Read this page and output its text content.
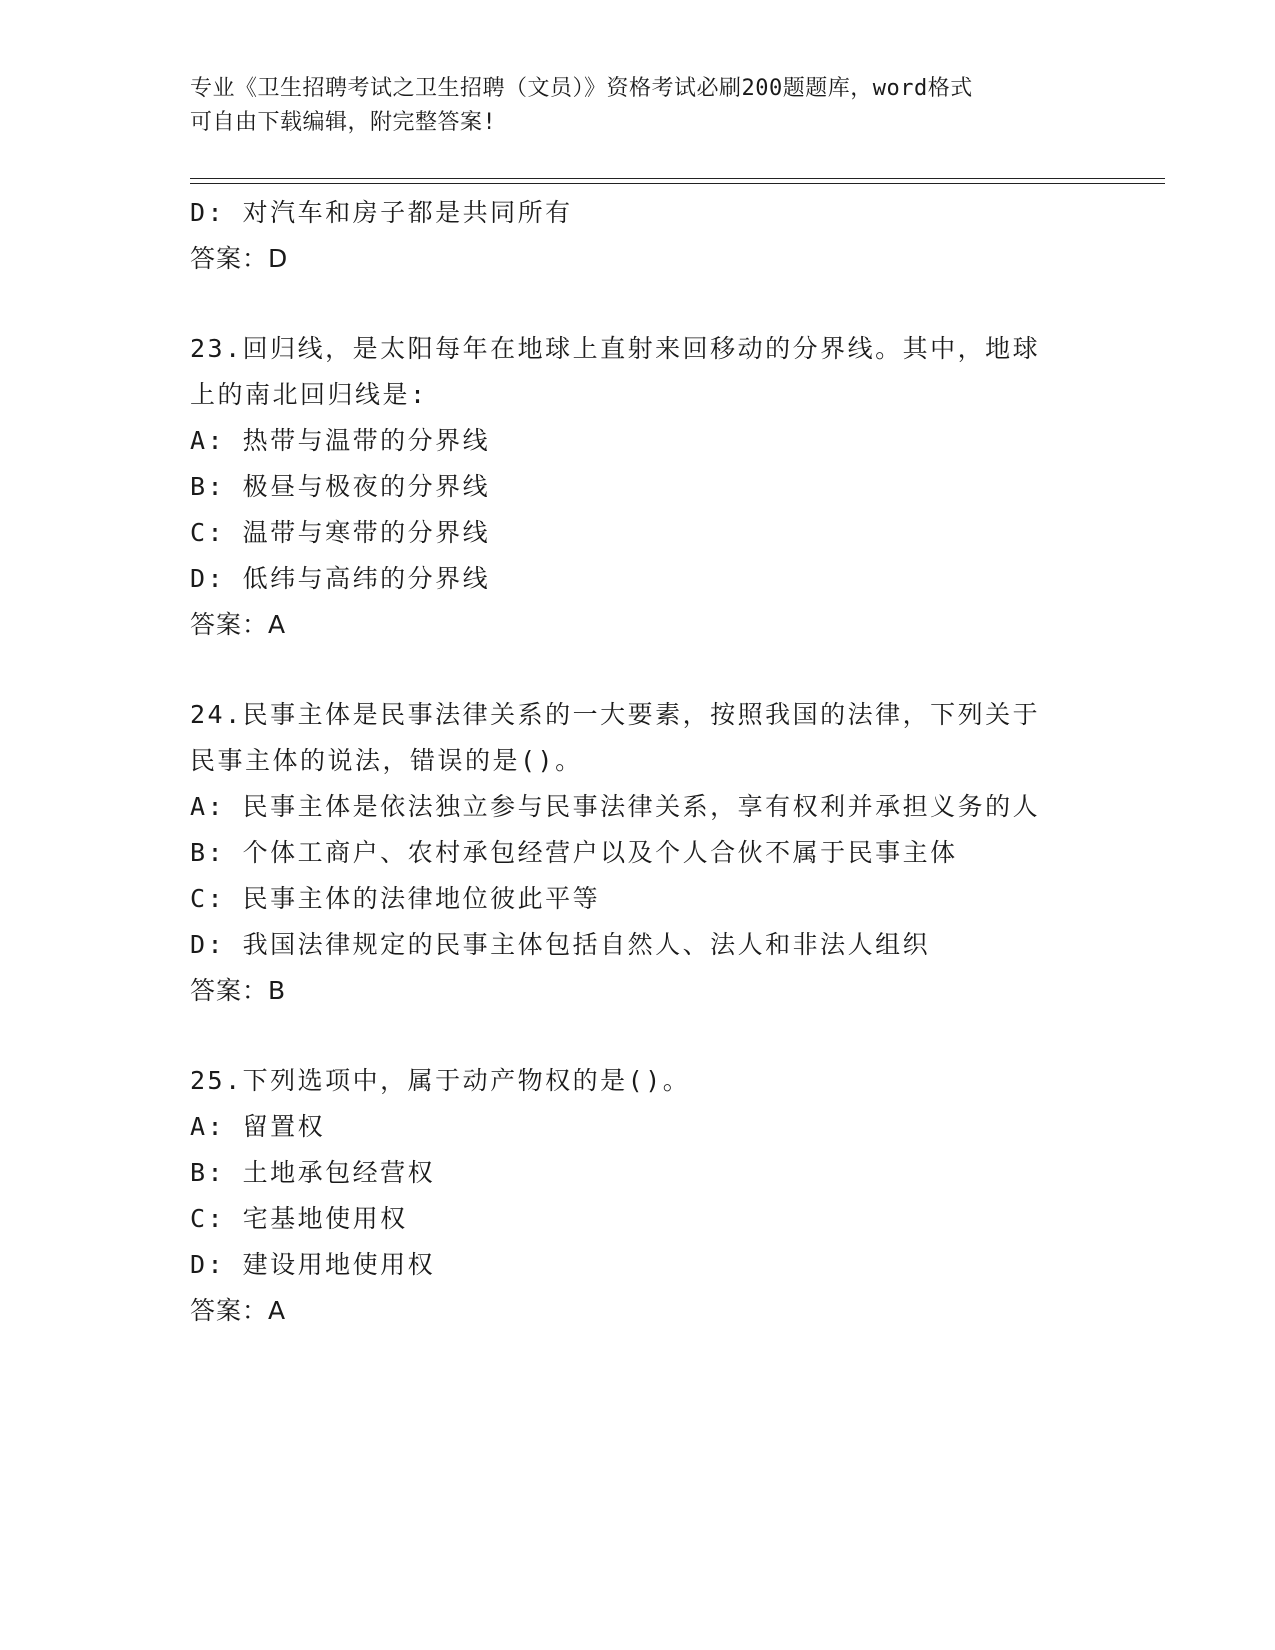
专业《卫生招聘考试之卫生招聘（文员）》资格考试必刷200题题库，word格式
可自由下载编辑，附完整答案!
D: 对汽车和房子都是共同所有
答案：D
23.回归线，是太阳每年在地球上直射来回移动的分界线。其中，地球
上的南北回归线是:
A: 热带与温带的分界线
B: 极昼与极夜的分界线
C: 温带与寒带的分界线
D: 低纬与高纬的分界线
答案：A
24.民事主体是民事法律关系的一大要素，按照我国的法律，下列关于
民事主体的说法，错误的是()。
A: 民事主体是依法独立参与民事法律关系，享有权利并承担义务的人
B: 个体工商户、农村承包经营户以及个人合伙不属于民事主体
C: 民事主体的法律地位彼此平等
D: 我国法律规定的民事主体包括自然人、法人和非法人组织
答案：B
25.下列选项中，属于动产物权的是()。
A: 留置权
B: 土地承包经营权
C: 宅基地使用权
D: 建设用地使用权
答案：A
